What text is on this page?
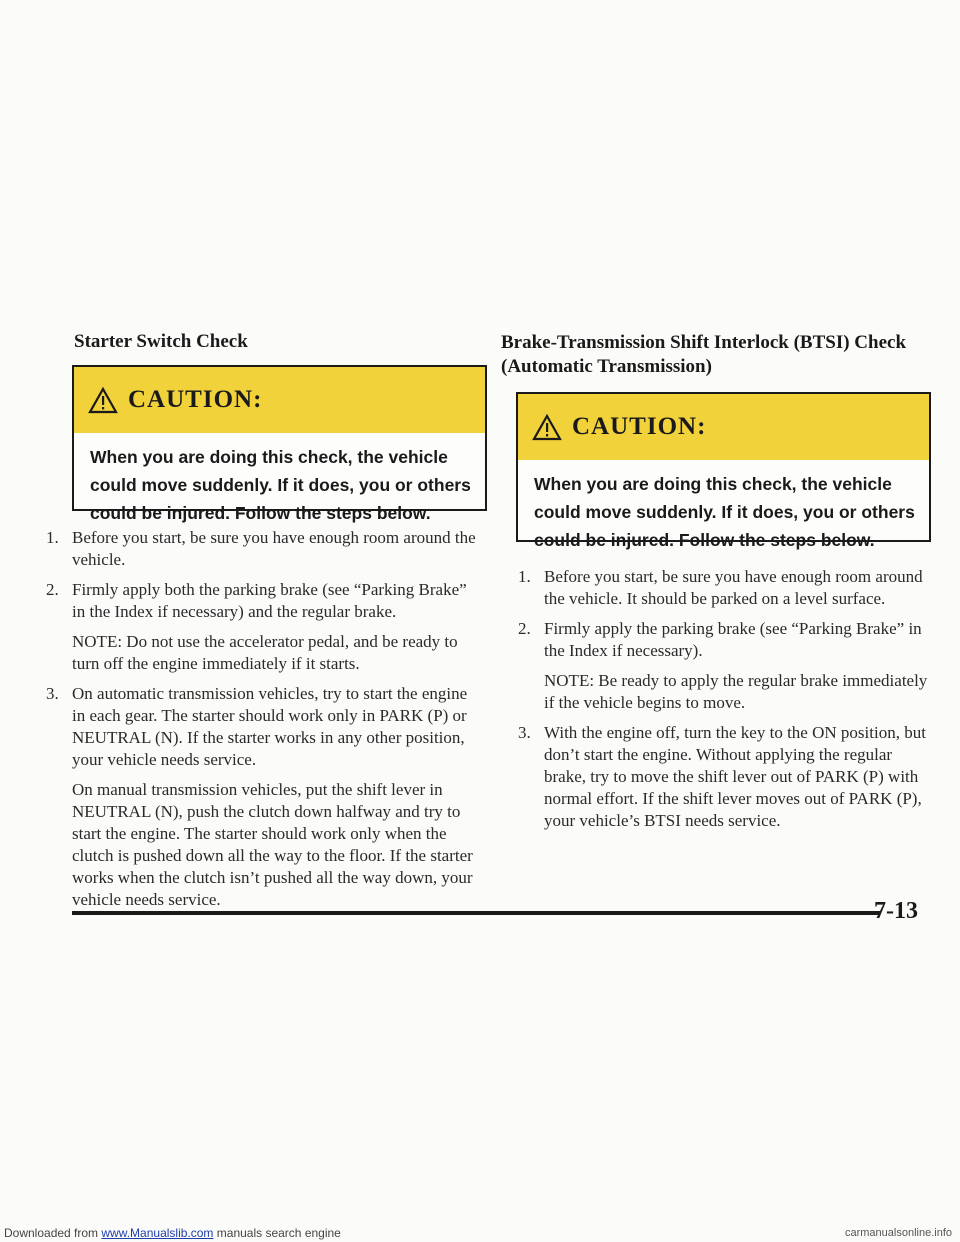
Starter Switch Check
CAUTION:
When you are doing this check, the vehicle could move suddenly. If it does, you or others could be injured. Follow the steps below.
1. Before you start, be sure you have enough room around the vehicle.

2. Firmly apply both the parking brake (see “Parking Brake” in the Index if necessary) and the regular brake.

NOTE: Do not use the accelerator pedal, and be ready to turn off the engine immediately if it starts.

3. On automatic transmission vehicles, try to start the engine in each gear. The starter should work only in PARK (P) or NEUTRAL (N). If the starter works in any other position, your vehicle needs service.

On manual transmission vehicles, put the shift lever in NEUTRAL (N), push the clutch down halfway and try to start the engine. The starter should work only when the clutch is pushed down all the way to the floor. If the starter works when the clutch isn’t pushed all the way down, your vehicle needs service.

Brake-Transmission Shift Interlock (BTSI) Check
(Automatic Transmission)
CAUTION:
When you are doing this check, the vehicle could move suddenly. If it does, you or others could be injured. Follow the steps below.
1. Before you start, be sure you have enough room around the vehicle. It should be parked on a level surface.

2. Firmly apply the parking brake (see “Parking Brake” in the Index if necessary).

NOTE: Be ready to apply the regular brake immediately if the vehicle begins to move.

3. With the engine off, turn the key to the ON position, but don’t start the engine. Without applying the regular brake, try to move the shift lever out of PARK (P) with normal effort. If the shift lever moves out of PARK (P), your vehicle’s BTSI needs service.

7-13
Downloaded from www.Manualslib.com manuals search engine	carmanualsonline.info
